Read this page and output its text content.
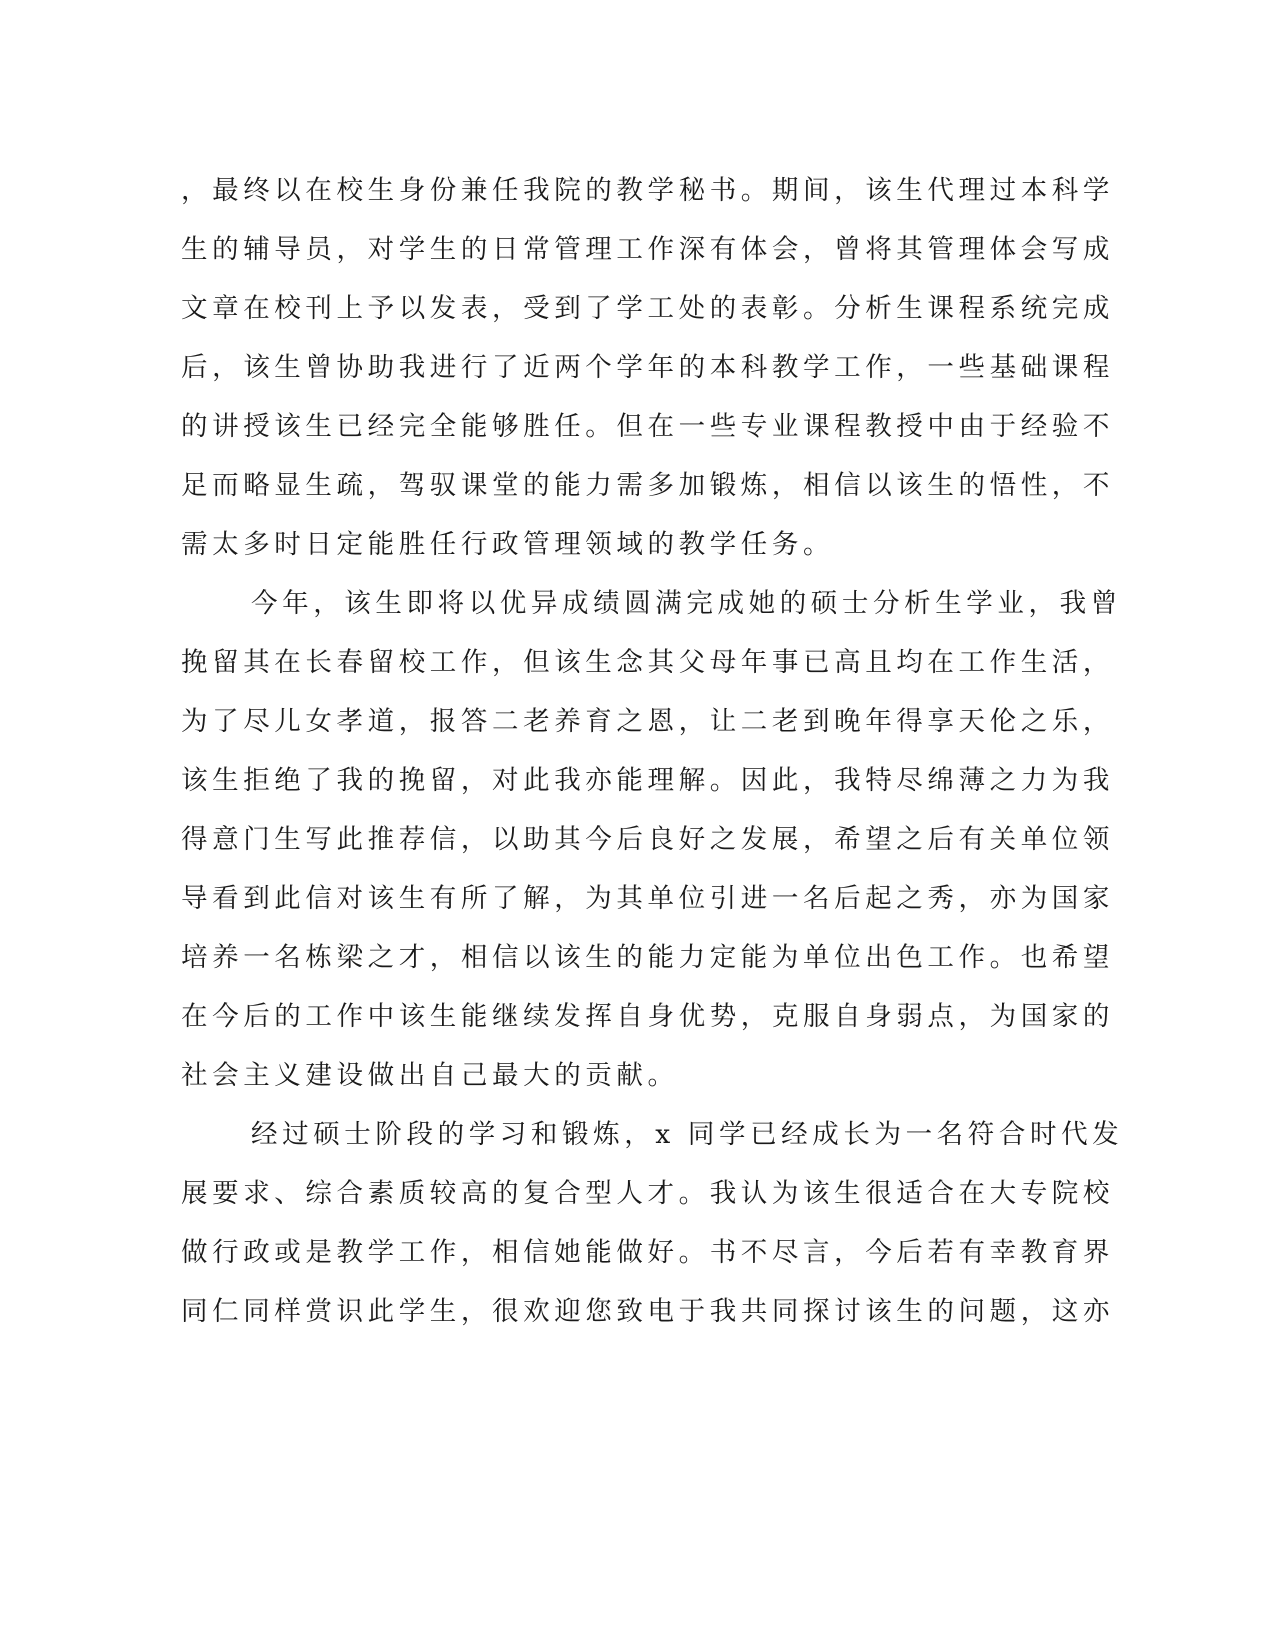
，最终以在校生身份兼任我院的教学秘书。期间，该生代理过本科学
生的辅导员，对学生的日常管理工作深有体会，曾将其管理体会写成
文章在校刊上予以发表，受到了学工处的表彰。分析生课程系统完成
后，该生曾协助我进行了近两个学年的本科教学工作，一些基础课程
的讲授该生已经完全能够胜任。但在一些专业课程教授中由于经验不
足而略显生疏，驾驭课堂的能力需多加锻炼，相信以该生的悟性，不
需太多时日定能胜任行政管理领域的教学任务。
今年，该生即将以优异成绩圆满完成她的硕士分析生学业，我曾
挽留其在长春留校工作，但该生念其父母年事已高且均在工作生活，
为了尽儿女孝道，报答二老养育之恩，让二老到晚年得享天伦之乐，
该生拒绝了我的挽留，对此我亦能理解。因此，我特尽绵薄之力为我
得意门生写此推荐信，以助其今后良好之发展，希望之后有关单位领
导看到此信对该生有所了解，为其单位引进一名后起之秀，亦为国家
培养一名栋梁之才，相信以该生的能力定能为单位出色工作。也希望
在今后的工作中该生能继续发挥自身优势，克服自身弱点，为国家的
社会主义建设做出自己最大的贡献。
经过硕士阶段的学习和锻炼，x 同学已经成长为一名符合时代发
展要求、综合素质较高的复合型人才。我认为该生很适合在大专院校
做行政或是教学工作，相信她能做好。书不尽言，今后若有幸教育界
同仁同样赏识此学生，很欢迎您致电于我共同探讨该生的问题，这亦
